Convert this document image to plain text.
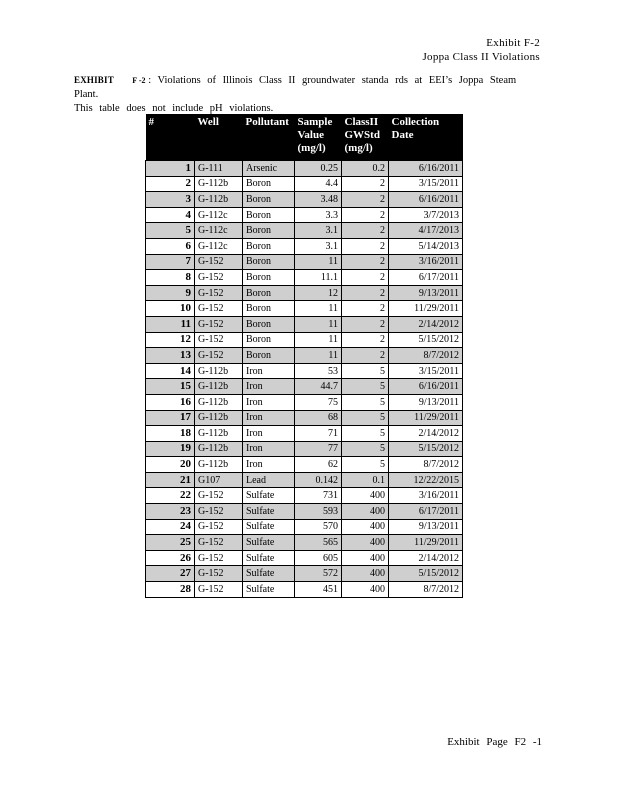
Exhibit F-2
Joppa Class II Violations
EXHIBIT F -2 : Violations of Illinois Class II groundwater standa rds at EEI’s Joppa Steam Plant.
This table does not include pH violations.
#	Well	Pollutant	Sample Value (mg/l)	ClassII GWStd (mg/l)	Collection Date
1	G-111	Arsenic	0.25	0.2	6/16/2011
2	G-112b	Boron	4.4	2	3/15/2011
3	G-112b	Boron	3.48	2	6/16/2011
4	G-112c	Boron	3.3	2	3/7/2013
5	G-112c	Boron	3.1	2	4/17/2013
6	G-112c	Boron	3.1	2	5/14/2013
7	G-152	Boron	11	2	3/16/2011
8	G-152	Boron	11.1	2	6/17/2011
9	G-152	Boron	12	2	9/13/2011
10	G-152	Boron	11	2	11/29/2011
11	G-152	Boron	11	2	2/14/2012
12	G-152	Boron	11	2	5/15/2012
13	G-152	Boron	11	2	8/7/2012
14	G-112b	Iron	53	5	3/15/2011
15	G-112b	Iron	44.7	5	6/16/2011
16	G-112b	Iron	75	5	9/13/2011
17	G-112b	Iron	68	5	11/29/2011
18	G-112b	Iron	71	5	2/14/2012
19	G-112b	Iron	77	5	5/15/2012
20	G-112b	Iron	62	5	8/7/2012
21	G107	Lead	0.142	0.1	12/22/2015
22	G-152	Sulfate	731	400	3/16/2011
23	G-152	Sulfate	593	400	6/17/2011
24	G-152	Sulfate	570	400	9/13/2011
25	G-152	Sulfate	565	400	11/29/2011
26	G-152	Sulfate	605	400	2/14/2012
27	G-152	Sulfate	572	400	5/15/2012
28	G-152	Sulfate	451	400	8/7/2012
Exhibit Page F2 -1
